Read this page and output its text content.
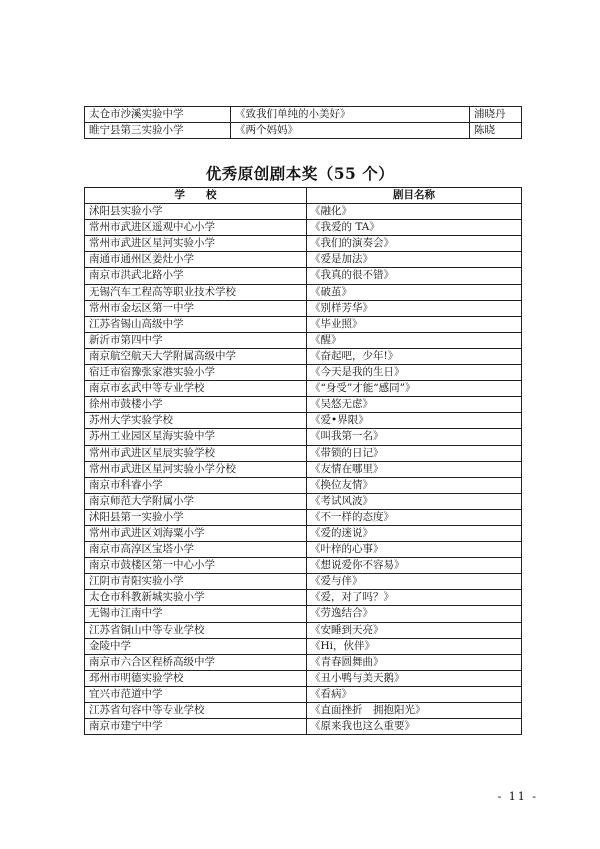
太仓市沙溪实验中学	《致我们单纯的小美好》	浦晓丹
睢宁县第三实验小学	《两个妈妈》	陈晓
优秀原创剧本奖（55 个）
学　　校	剧目名称
沭阳县实验小学	《融化》
常州市武进区遥观中心小学	《我爱的 TA》
常州市武进区星河实验小学	《我们的演奏会》
南通市通州区姜灶小学	《爱是加法》
南京市洪武北路小学	《我真的很不错》
无锡汽车工程高等职业技术学校	《破茧》
常州市金坛区第一中学	《别样芳华》
江苏省锡山高级中学	《毕业照》
新沂市第四中学	《醒》
南京航空航天大学附属高级中学	《奋起吧，少年!》
宿迁市宿豫张家港实验小学	《今天是我的生日》
南京市玄武中等专业学校	《“身受”才能“感同”》
徐州市鼓楼小学	《吴悠无虑》
苏州大学实验学校	《爱•界限》
苏州工业园区星海实验中学	《叫我第一名》
常州市武进区星辰实验学校	《带锁的日记》
常州市武进区星河实验小学分校	《友情在哪里》
南京市科睿小学	《换位友情》
南京师范大学附属小学	《考试风波》
沭阳县第一实验小学	《不一样的态度》
常州市武进区刘海粟小学	《爱的迷说》
南京市高淳区宝塔小学	《叶梓的心事》
南京市鼓楼区第一中心小学	《想说爱你不容易》
江阴市青阳实验小学	《爱与伴》
太仓市科教新城实验小学	《爱，对了吗？》
无锡市江南中学	《劳逸结合》
江苏省铜山中等专业学校	《安睡到天亮》
金陵中学	《Hi，伙伴》
南京市六合区程桥高级中学	《青春圆舞曲》
邳州市明德实验学校	《丑小鸭与美天鹅》
宜兴市范道中学	《看病》
江苏省句容中等专业学校	《直面挫折　拥抱阳光》
南京市建宁中学	《原来我也这么重要》
- 11 -
